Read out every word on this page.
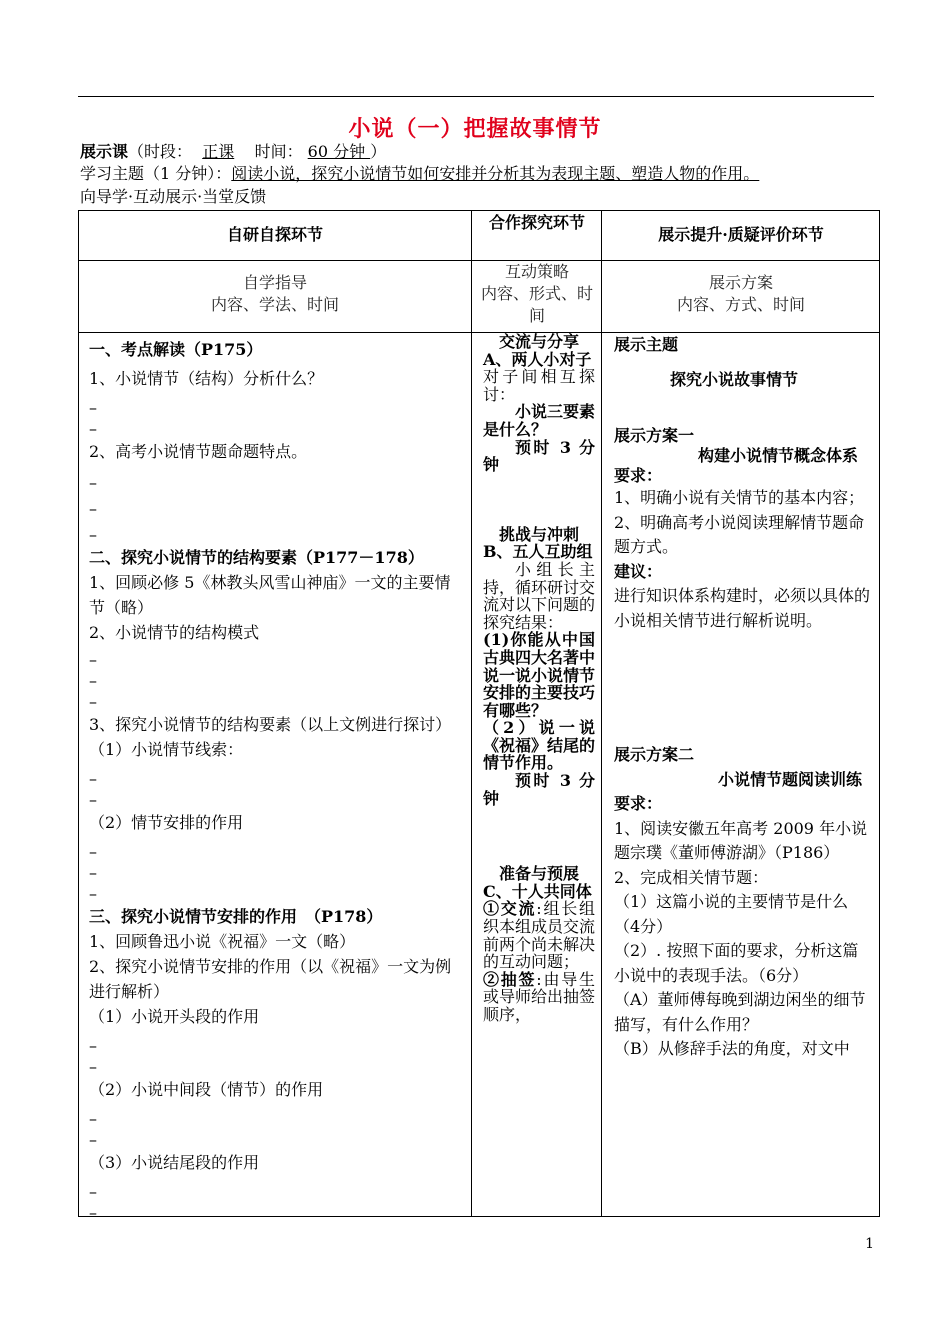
小说（一）把握故事情节
展示课（时段： 正课 时间： 60 分钟 ）
学习主题（1 分钟）：阅读小说，探究小说情节如何安排并分析其为表现主题、塑造人物的作用。
向导学·互动展示·当堂反馈
自研自探环节
合作探究环节
展示提升·质疑评价环节
自学指导
内容、学法、时间
互动策略
内容、形式、时
间
展示方案
内容、方式、时间
一、考点解读（P175）
1、小说情节（结构）分析什么？
–
–
2、高考小说情节题命题特点。
–
–
–
二、探究小说情节的结构要素（P177－178）
1、回顾必修 5《林教头风雪山神庙》一文的主要情节（略）
2、小说情节的结构模式
–
–
–
3、探究小说情节的结构要素（以上文例进行探讨）
（1）小说情节线索：
–
–
（2）情节安排的作用
–
–
–
三、探究小说情节安排的作用　（P178）
1、回顾鲁迅小说《祝福》一文（略）
2、探究小说情节安排的作用（以《祝福》一文为例进行解析）
（1）小说开头段的作用
–
–
（2）小说中间段（情节）的作用
–
–
（3）小说结尾段的作用
–
–
交流与分享
A、两人小对子
对子间相互探讨：
小说三要素是什么？
预时 3 分钟
挑战与冲刺
B、五人互助组
小组长主持，循环研讨交流对以下问题的探究结果：
(1)你能从中国古典四大名著中说一说小说情节安排的主要技巧有哪些？
（2）说一说《祝福》结尾的情节作用。
预时 3 分钟
准备与预展
C、十人共同体
①交流:组长组织本组成员交流前两个尚未解决的互动问题；
②抽签:由导生或导师给出抽签顺序，
展示主题
探究小说故事情节
展示方案一
构建小说情节概念体系
要求：
1、明确小说有关情节的基本内容；
2、明确高考小说阅读理解情节题命题方式。
建议：
进行知识体系构建时，必须以具体的小说相关情节进行解析说明。
展示方案二
小说情节题阅读训练
要求：
1、阅读安徽五年高考 2009 年小说题宗璞《董师傅游湖》（P186）
2、完成相关情节题：
（1）这篇小说的主要情节是什么（4分）
（2）. 按照下面的要求，分析这篇小说中的表现手法。（6分）
（A）董师傅每晚到湖边闲坐的细节描写，有什么作用？
（B）从修辞手法的角度，对文中
1
